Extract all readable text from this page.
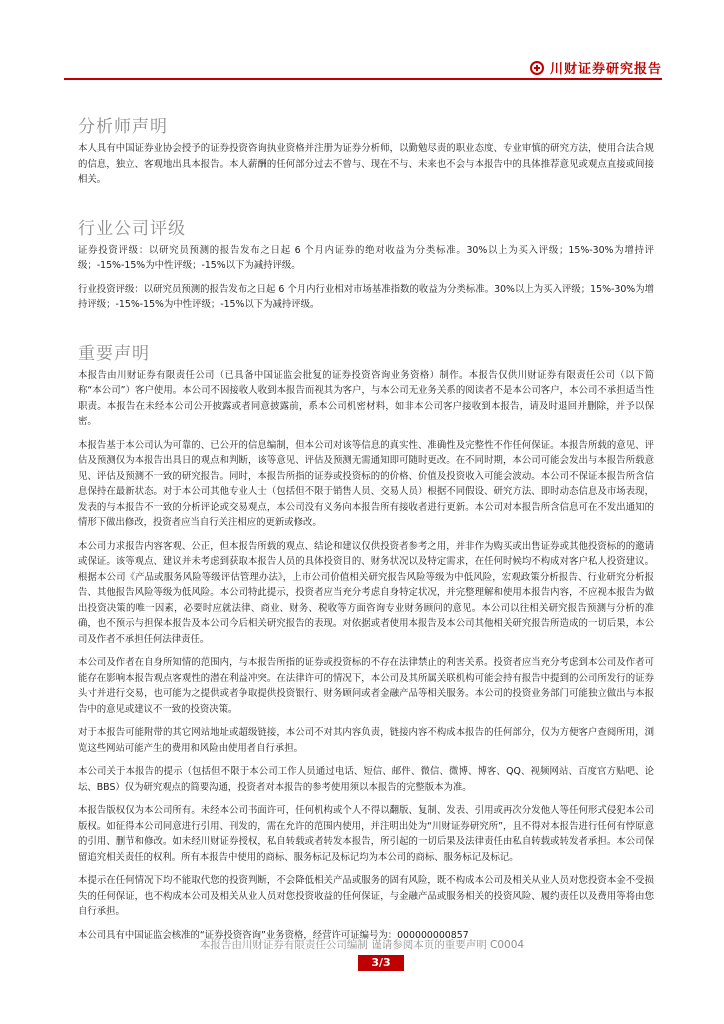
川财证券研究报告
分析师声明

本人具有中国证券业协会授予的证券投资咨询执业资格并注册为证券分析师，以勤勉尽责的职业态度、专业审慎的研究方法，使用合法合规的信息，独立、客观地出具本报告。本人薪酬的任何部分过去不曾与、现在不与、未来也不会与本报告中的具体推荐意见或观点直接或间接相关。

行业公司评级

证券投资评级：以研究员预测的报告发布之日起 6 个月内证券的绝对收益为分类标准。30%以上为买入评级；15%-30%为增持评级；-15%-15%为中性评级；-15%以下为减持评级。

行业投资评级：以研究员预测的报告发布之日起 6 个月内行业相对市场基准指数的收益为分类标准。30%以上为买入评级；15%-30%为增持评级；-15%-15%为中性评级；-15%以下为减持评级。

重要声明

本报告由川财证券有限责任公司（已具备中国证监会批复的证券投资咨询业务资格）制作。本报告仅供川财证券有限责任公司（以下简称“本公司”）客户使用。本公司不因接收人收到本报告而视其为客户，与本公司无业务关系的阅读者不是本公司客户，本公司不承担适当性职责。本报告在未经本公司公开披露或者同意披露前，系本公司机密材料，如非本公司客户接收到本报告，请及时退回并删除，并予以保密。

本报告基于本公司认为可靠的、已公开的信息编制，但本公司对该等信息的真实性、准确性及完整性不作任何保证。本报告所载的意见、评估及预测仅为本报告出具日的观点和判断，该等意见、评估及预测无需通知即可随时更改。在不同时期，本公司可能会发出与本报告所载意见、评估及预测不一致的研究报告。同时，本报告所指的证券或投资标的的价格、价值及投资收入可能会波动。本公司不保证本报告所含信息保持在最新状态。对于本公司其他专业人士（包括但不限于销售人员、交易人员）根据不同假设、研究方法、即时动态信息及市场表现，发表的与本报告不一致的分析评论或交易观点，本公司没有义务向本报告所有接收者进行更新。本公司对本报告所含信息可在不发出通知的情形下做出修改，投资者应当自行关注相应的更新或修改。

本公司力求报告内容客观、公正，但本报告所载的观点、结论和建议仅供投资者参考之用，并非作为购买或出售证券或其他投资标的的邀请或保证。该等观点、建议并未考虑到获取本报告人员的具体投资目的、财务状况以及特定需求，在任何时候均不构成对客户私人投资建议。根据本公司《产品或服务风险等级评估管理办法》，上市公司价值相关研究报告风险等级为中低风险，宏观政策分析报告、行业研究分析报告、其他报告风险等级为低风险。本公司特此提示，投资者应当充分考虑自身特定状况，并完整理解和使用本报告内容，不应视本报告为做出投资决策的唯一因素，必要时应就法律、商业、财务、税收等方面咨询专业财务顾问的意见。本公司以往相关研究报告预测与分析的准确，也不预示与担保本报告及本公司今后相关研究报告的表现。对依据或者使用本报告及本公司其他相关研究报告所造成的一切后果，本公司及作者不承担任何法律责任。

本公司及作者在自身所知情的范围内，与本报告所指的证券或投资标的不存在法律禁止的利害关系。投资者应当充分考虑到本公司及作者可能存在影响本报告观点客观性的潜在利益冲突。在法律许可的情况下，本公司及其所属关联机构可能会持有报告中提到的公司所发行的证券头寸并进行交易，也可能为之提供或者争取提供投资银行、财务顾问或者金融产品等相关服务。本公司的投资业务部门可能独立做出与本报告中的意见或建议不一致的投资决策。

对于本报告可能附带的其它网站地址或超级链接，本公司不对其内容负责，链接内容不构成本报告的任何部分，仅为方便客户查阅所用，浏览这些网站可能产生的费用和风险由使用者自行承担。

本公司关于本报告的提示（包括但不限于本公司工作人员通过电话、短信、邮件、微信、微博、博客、QQ、视频网站、百度官方贴吧、论坛、BBS）仅为研究观点的简要沟通，投资者对本报告的参考使用须以本报告的完整版本为准。

本报告版权仅为本公司所有。未经本公司书面许可，任何机构或个人不得以翻版、复制、发表、引用或再次分发他人等任何形式侵犯本公司版权。如征得本公司同意进行引用、刊发的，需在允许的范围内使用，并注明出处为“川财证券研究所”，且不得对本报告进行任何有悖原意的引用、删节和修改。如未经川财证券授权，私自转载或者转发本报告，所引起的一切后果及法律责任由私自转载或转发者承担。本公司保留追究相关责任的权利。所有本报告中使用的商标、服务标记及标记均为本公司的商标、服务标记及标记。

本提示在任何情况下均不能取代您的投资判断，不会降低相关产品或服务的固有风险，既不构成本公司及相关从业人员对您投资本金不受损失的任何保证，也不构成本公司及相关从业人员对您投资收益的任何保证，与金融产品或服务相关的投资风险、履约责任以及费用等将由您自行承担。

本公司具有中国证监会核准的“证券投资咨询”业务资格，经营许可证编号为：000000000857

本报告由川财证券有限责任公司编制 谨请参阅本页的重要声明 C0004
3/3
